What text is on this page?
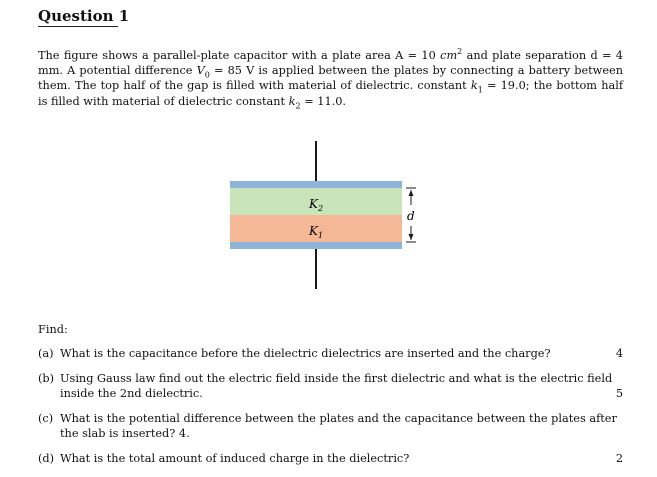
Question 1
The figure shows a parallel-plate capacitor with a plate area A = 10 $cm^2$ and plate separation d = 4 mm. A potential difference $V_0 = 85$ V is applied between the plates by connecting a battery between them. The top half of the gap is filled with material of dielectric. constant $k_1 = 19.0$; the bottom half is filled with material of dielectric constant $k_2 = 11.0$.
$K_2$
$K_1$
d
Find:
(a) What is the capacitance before the dielectric dielectrics are inserted and the charge?	4
(b) Using Gauss law find out the electric field inside the first dielectric and what is the electric field inside the 2nd dielectric.	5
(c) What is the potential difference between the plates and the capacitance between the plates after the slab is inserted? 4.
(d) What is the total amount of induced charge in the dielectric?	2
